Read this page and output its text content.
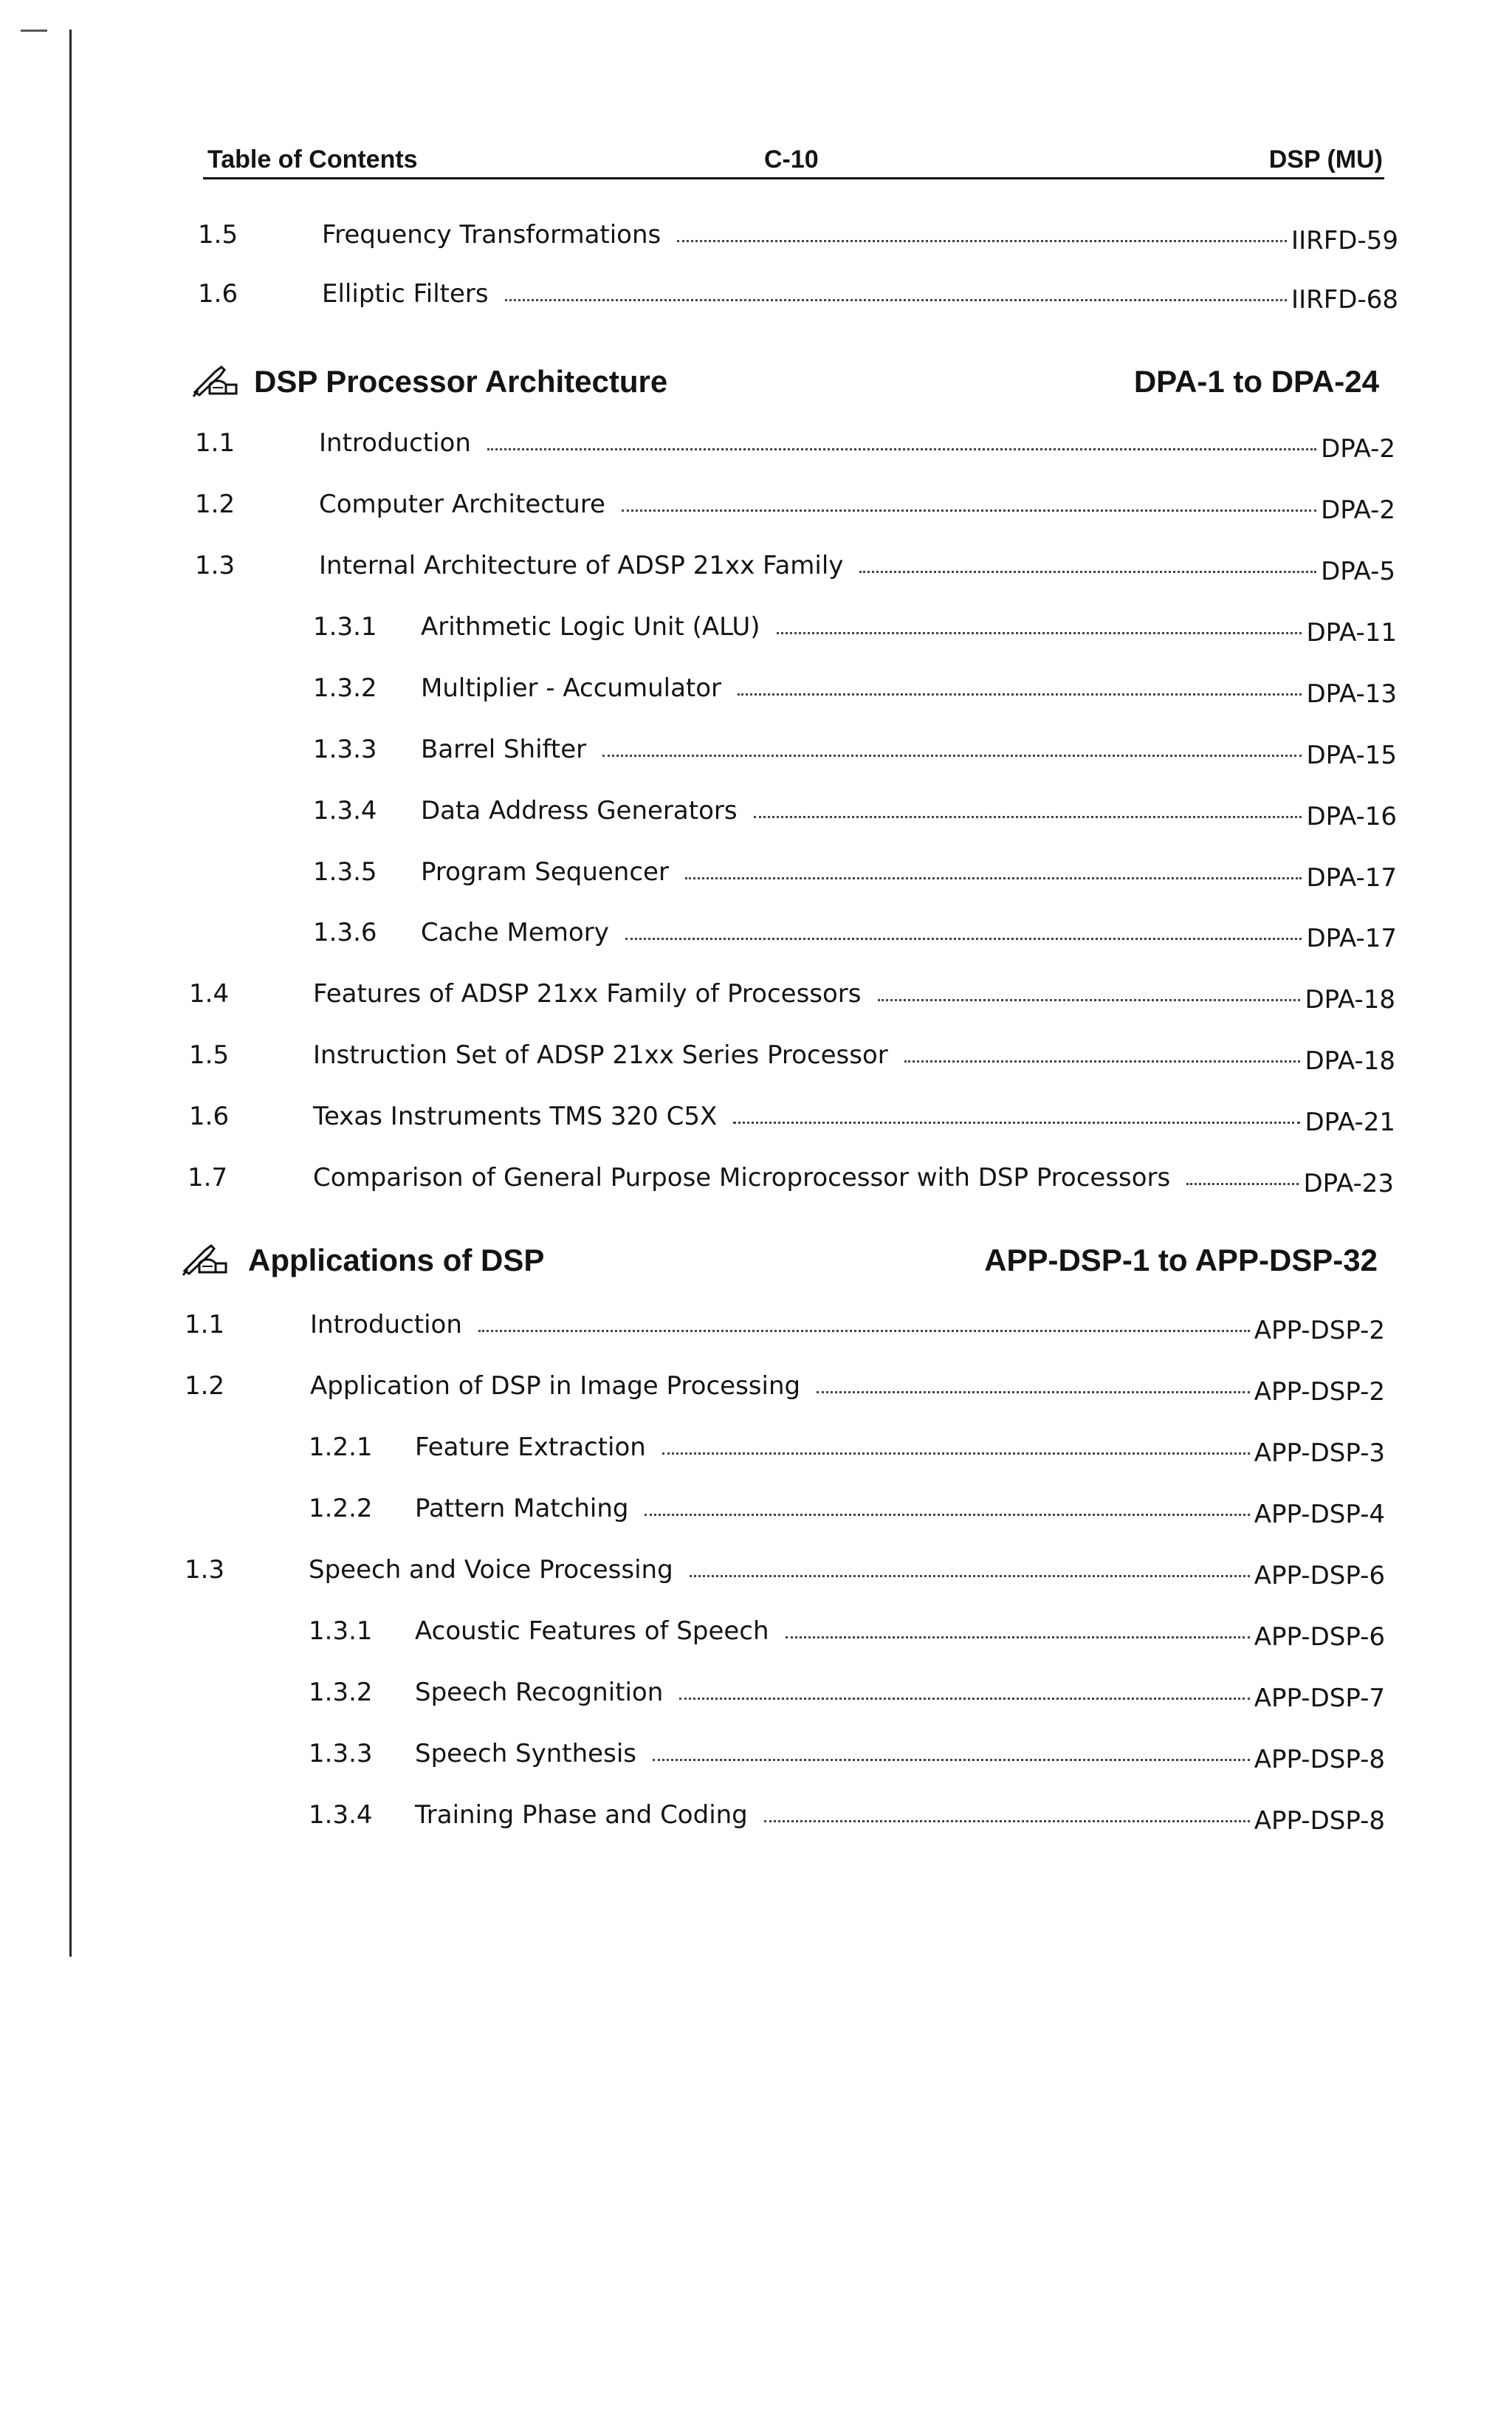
Table of Contents	C-10	DSP (MU)
1.5	Frequency Transformations	IIRFD-59
1.6	Elliptic Filters	IIRFD-68
DSP Processor Architecture	DPA-1 to DPA-24
1.1	Introduction	DPA-2
1.2	Computer Architecture	DPA-2
1.3	Internal Architecture of ADSP 21xx Family	DPA-5
1.3.1	Arithmetic Logic Unit (ALU)	DPA-11
1.3.2	Multiplier - Accumulator	DPA-13
1.3.3	Barrel Shifter	DPA-15
1.3.4	Data Address Generators	DPA-16
1.3.5	Program Sequencer	DPA-17
1.3.6	Cache Memory	DPA-17
1.4	Features of ADSP 21xx Family of Processors	DPA-18
1.5	Instruction Set of ADSP 21xx Series Processor	DPA-18
1.6	Texas Instruments TMS 320 C5X	DPA-21
1.7	Comparison of General Purpose Microprocessor with DSP Processors	DPA-23
Applications of DSP	APP-DSP-1 to APP-DSP-32
1.1	Introduction	APP-DSP-2
1.2	Application of DSP in Image Processing	APP-DSP-2
1.2.1	Feature Extraction	APP-DSP-3
1.2.2	Pattern Matching	APP-DSP-4
1.3	Speech and Voice Processing	APP-DSP-6
1.3.1	Acoustic Features of Speech	APP-DSP-6
1.3.2	Speech Recognition	APP-DSP-7
1.3.3	Speech Synthesis	APP-DSP-8
1.3.4	Training Phase and Coding	APP-DSP-8
